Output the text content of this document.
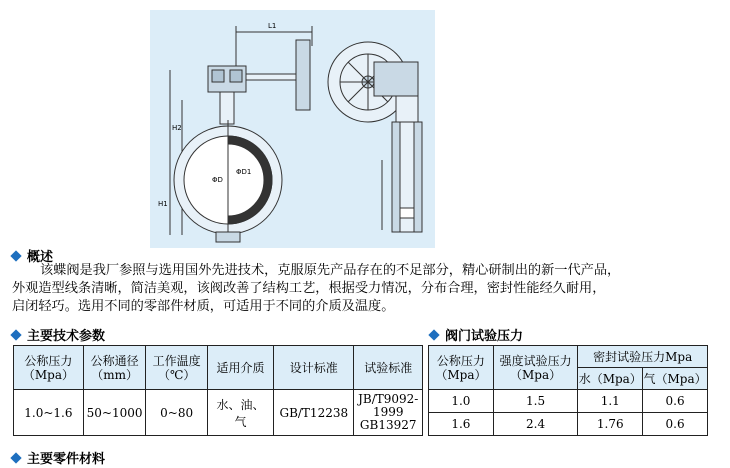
L1
H2
H1
ΦD
ΦD1
概述
该蝶阀是我厂参照与选用国外先进技术，克服原先产品存在的不足部分，精心研制出的新一代产品，
外观造型线条清晰，简洁美观，该阀改善了结构工艺，根据受力情况，分布合理，密封性能经久耐用，
启闭轻巧。选用不同的零部件材质，可适用于不同的介质及温度。
主要技术参数
公称压力
（Mpa）	公称通径
（mm）	工作温度
（℃）	适用介质	设计标准	试验标准
1.0~1.6	50~1000	0~80	水、油、
气	GB/T12238	JB/T9092-
1999
GB13927
阀门试验压力
公称压力
（Mpa）	强度试验压力
（Mpa）	密封试验压力Mpa	
		水（Mpa）	气（Mpa）
1.0	1.5	1.1	0.6
1.6	2.4	1.76	0.6
主要零件材料
